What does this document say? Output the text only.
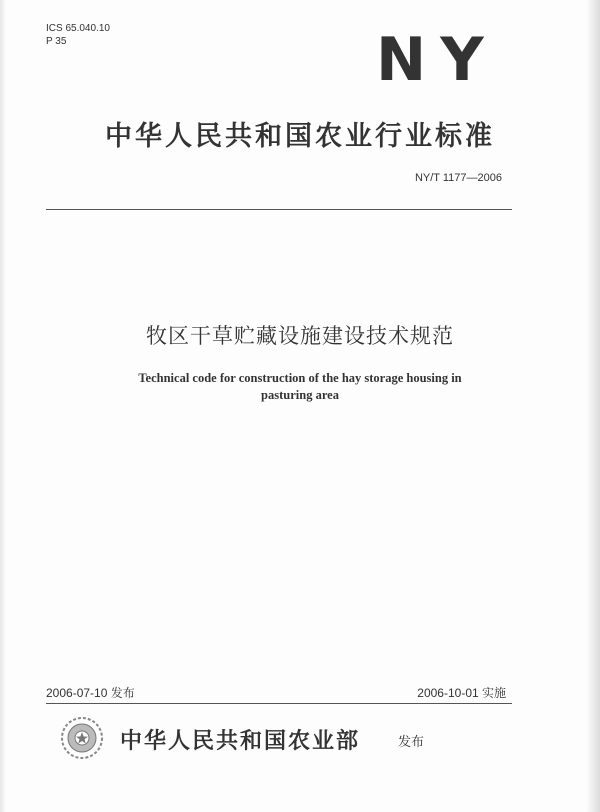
ICS 65.040.10
P 35	NY
中华人民共和国农业行业标准
NY/T 1177—2006
牧区干草贮藏设施建设技术规范
Technical code for construction of the hay storage housing in
pasturing area
2006-07-10 发布	2006-10-01 实施
中华人民共和国农业部	发布
